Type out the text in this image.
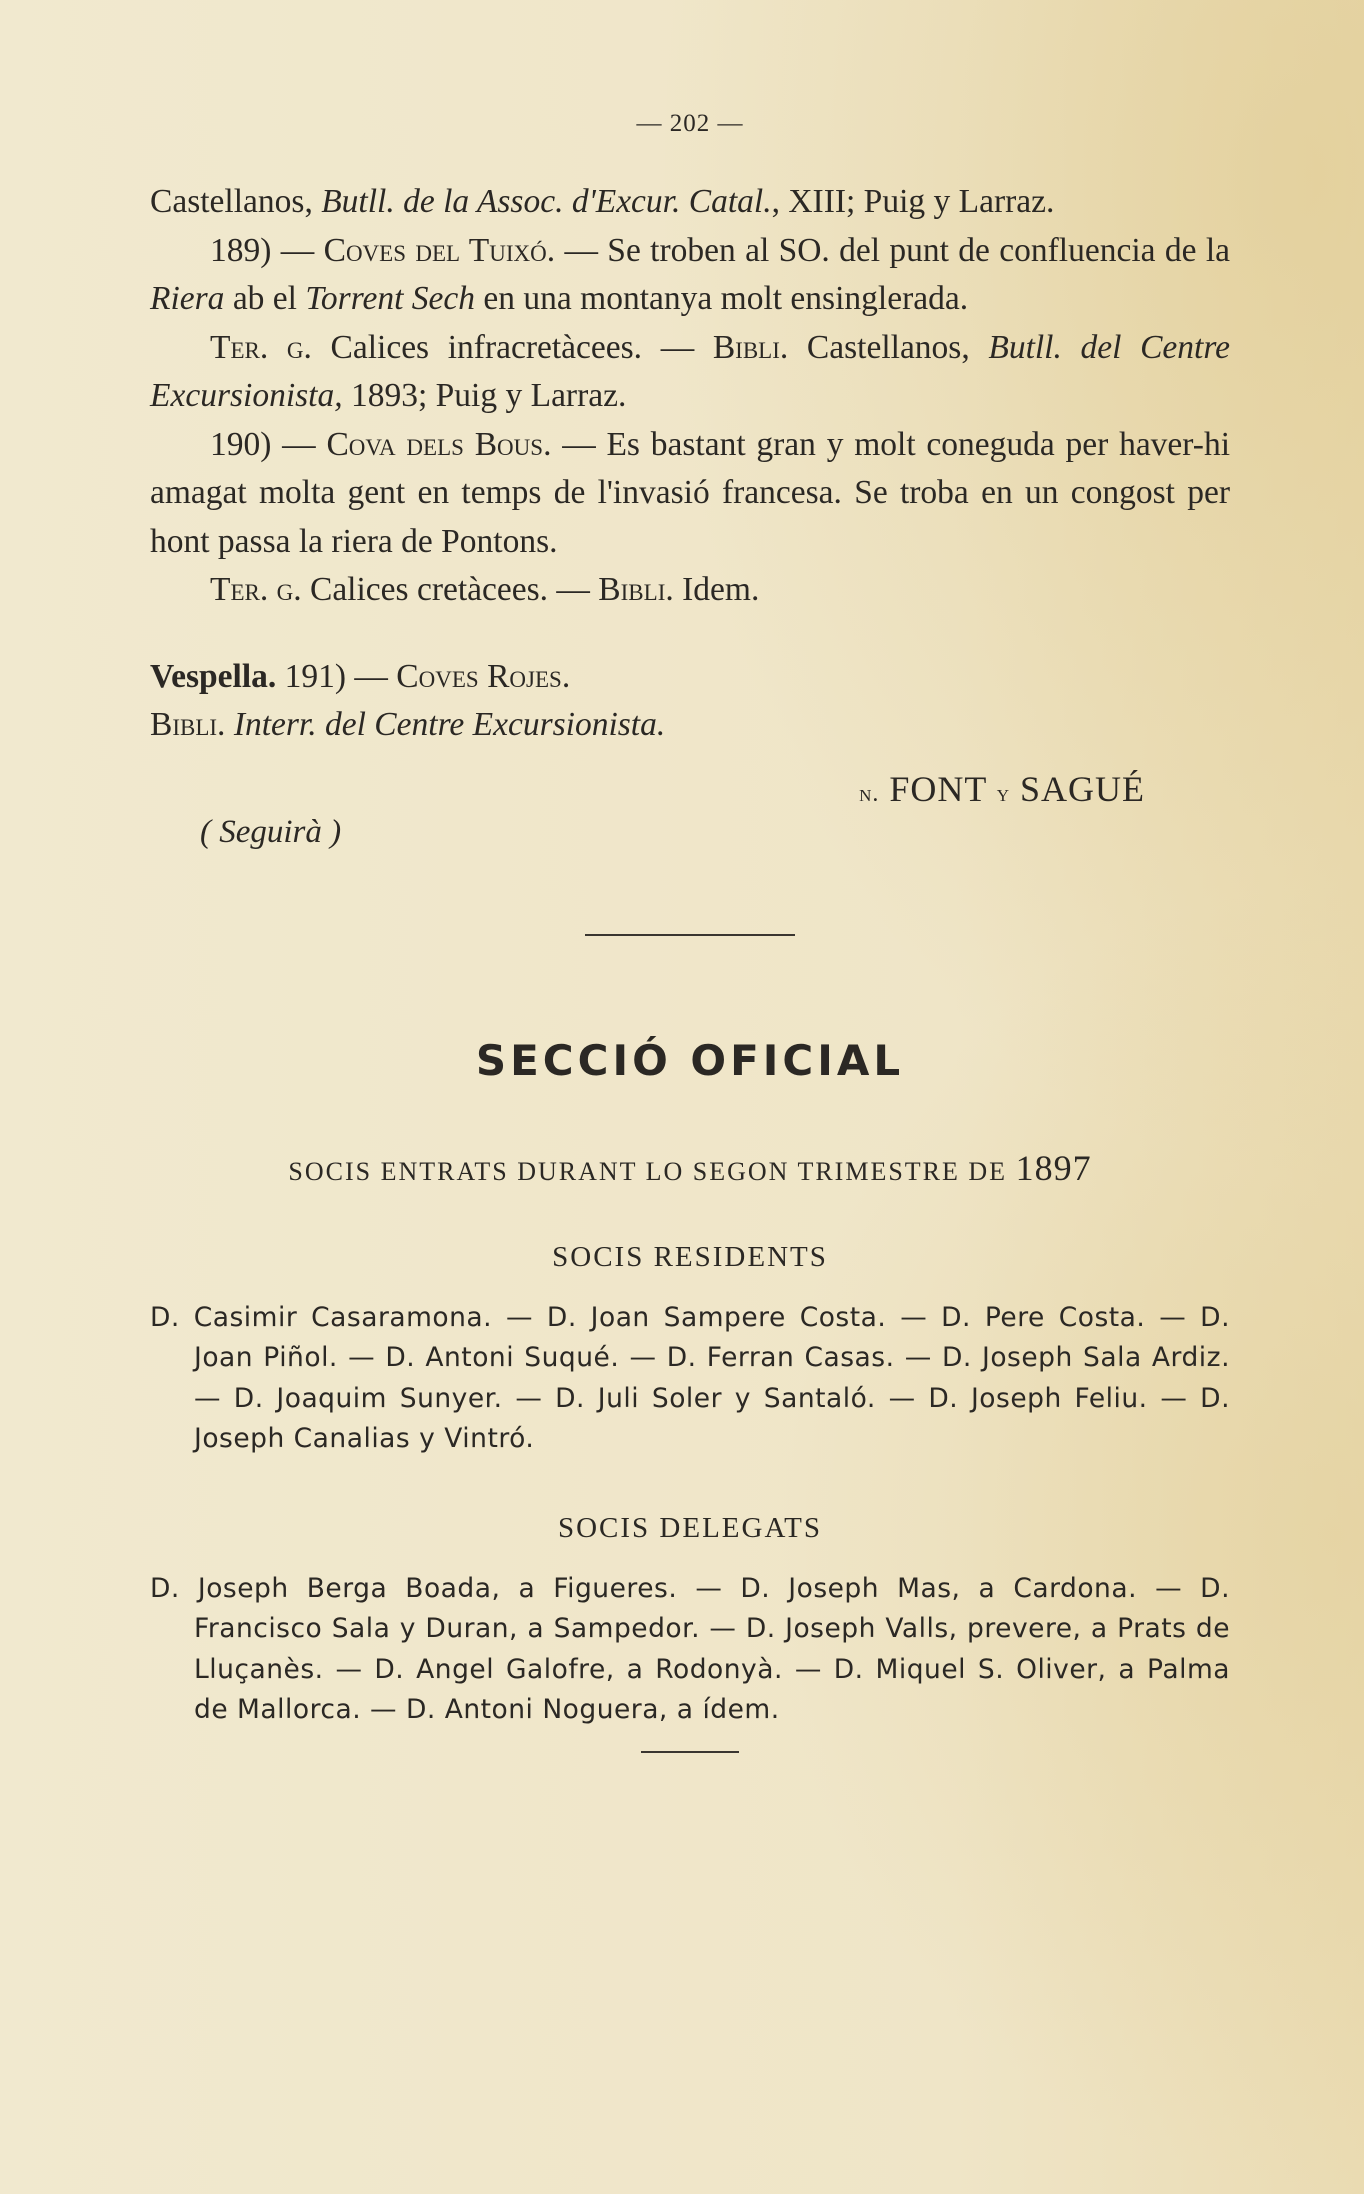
— 202 —

Castellanos, Butll. de la Assoc. d'Excur. Catal., XIII; Puig y Larraz.

189) — Coves del Tuixó. — Se troben al SO. del punt de confluencia de la Riera ab el Torrent Sech en una montanya molt ensinglerada.

Ter. g. Calices infracretàcees. — Bibli. Castellanos, Butll. del Centre Excursionista, 1893; Puig y Larraz.

190) — Cova dels Bous. — Es bastant gran y molt coneguda per haver-hi amagat molta gent en temps de l'invasió francesa. Se troba en un congost per hont passa la riera de Pontons.

Ter. g. Calices cretàcees. — Bibli. Idem.

Vespella. 191) — Coves Rojes.

Bibli. Interr. del Centre Excursionista.

n. FONT y SAGUÉ
( Seguirà )
SECCIÓ OFICIAL
SOCIS ENTRATS DURANT LO SEGON TRIMESTRE DE 1897
SOCIS RESIDENTS

D. Casimir Casaramona. — D. Joan Sampere Costa. — D. Pere Costa. — D. Joan Piñol. — D. Antoni Suqué. — D. Ferran Casas. — D. Joseph Sala Ardiz. — D. Joaquim Sunyer. — D. Juli Soler y Santaló. — D. Joseph Feliu. — D. Joseph Canalias y Vintró.

SOCIS DELEGATS

D. Joseph Berga Boada, a Figueres. — D. Joseph Mas, a Cardona. — D. Francisco Sala y Duran, a Sampedor. — D. Joseph Valls, prevere, a Prats de Lluçanès. — D. Angel Galofre, a Rodonyà. — D. Miquel S. Oliver, a Palma de Mallorca. — D. Antoni Noguera, a ídem.
